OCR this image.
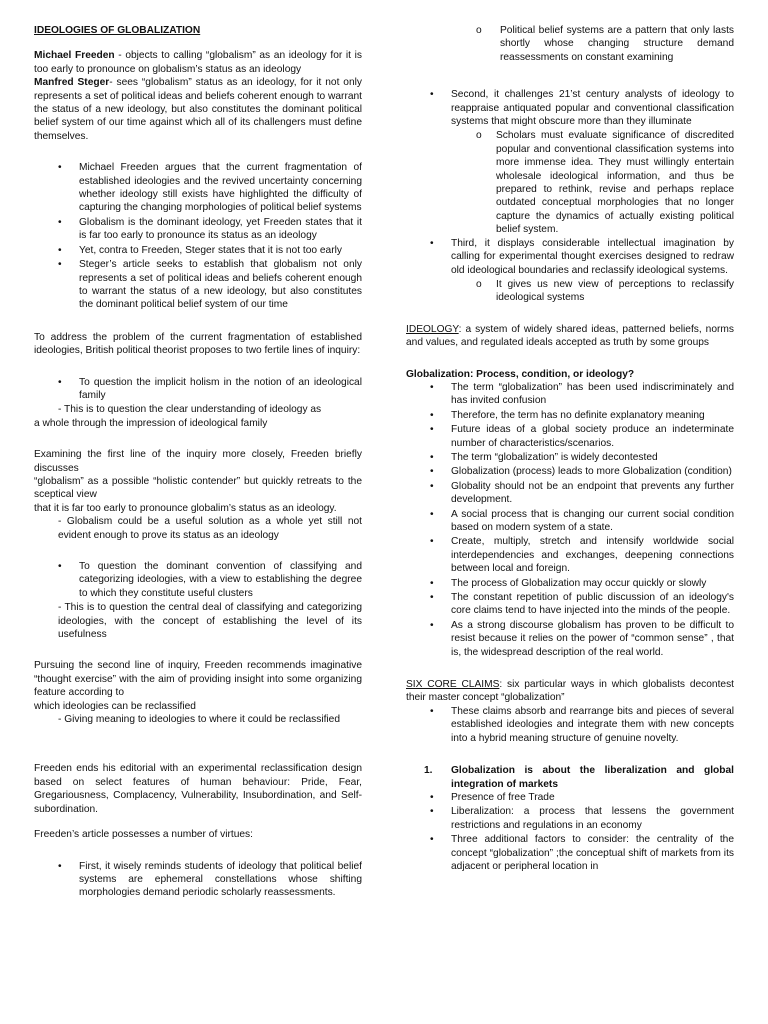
IDEOLOGIES OF GLOBALIZATION

Michael Freeden - objects to calling “globalism” as an ideology for it is too early to pronounce on globalism’s status as an ideology

Manfred Steger- sees “globalism” status as an ideology, for it not only represents a set of political ideas and beliefs coherent enough to warrant the status of a new ideology, but also constitutes the dominant political belief system of our time against which all of its challengers must define themselves.

• Michael Freeden argues that the current fragmentation of established ideologies and the revived uncertainty concerning whether ideology still exists have highlighted the difficulty of capturing the changing morphologies of political belief systems

• Globalism is the dominant ideology, yet Freeden states that it is far too early to pronounce its status as an ideology

• Yet, contra to Freeden, Steger states that it is not too early

• Steger’s article seeks to establish that globalism not only represents a set of political ideas and beliefs coherent enough to warrant the status of a new ideology, but also constitutes the dominant political belief system of our time

To address the problem of the current fragmentation of established ideologies, British political theorist proposes to two fertile lines of inquiry:

• To question the implicit holism in the notion of an ideological family

- This is to question the clear understanding of ideology as

a whole through the impression of ideological family

Examining the first line of the inquiry more closely, Freeden briefly discusses

“globalism” as a possible “holistic contender” but quickly retreats to the sceptical view

that it is far too early to pronounce globalim’s status as an ideology.

- Globalism could be a useful solution as a whole yet still not evident enough to prove its status as an ideology

• To question the dominant convention of classifying and categorizing ideologies, with a view to establishing the degree to which they constitute useful clusters

- This is to question the central deal of classifying and categorizing ideologies, with the concept of establishing the level of its usefulness

Pursuing the second line of inquiry, Freeden recommends imaginative “thought exercise” with the aim of providing insight into some organizing feature according to

which ideologies can be reclassified

- Giving meaning to ideologies to where it could be reclassified

Freeden ends his editorial with an experimental reclassification design based on select features of human behaviour: Pride, Fear, Gregariousness, Complacency, Vulnerability, Insubordination, and Self-subordination.

Freeden’s article possesses a number of virtues:

• First, it wisely reminds students of ideology that political belief systems are ephemeral constellations whose shifting morphologies demand periodic scholarly reassessments.

o Political belief systems are a pattern that only lasts shortly whose changing structure demand reassessments on constant examining

• Second, it challenges 21’st century analysts of ideology to reappraise antiquated popular and conventional classification systems that might obscure more than they illuminate

o Scholars must evaluate significance of discredited popular and conventional classification systems into more immense idea. They must willingly entertain wholesale ideological information, and thus be prepared to rethink, revise and perhaps replace outdated conceptual morphologies that no longer capture the dynamics of actually existing political belief system.

• Third, it displays considerable intellectual imagination by calling for experimental thought exercises designed to redraw old ideological boundaries and reclassify ideological systems.

o It gives us new view of perceptions to reclassify ideological systems

IDEOLOGY: a system of widely shared ideas, patterned beliefs, norms and values, and regulated ideals accepted as truth by some groups

Globalization: Process, condition, or ideology?

• The term “globalization” has been used indiscriminately and has invited confusion

• Therefore, the term has no definite explanatory meaning

• Future ideas of a global society produce an indeterminate number of characteristics/scenarios.

• The term “globalization” is widely decontested

• Globalization (process) leads to more Globalization (condition)

• Globality should not be an endpoint that prevents any further development.

• A social process that is changing our current social condition based on modern system of a state.

• Create, multiply, stretch and intensify worldwide social interdependencies and exchanges, deepening connections between local and foreign.

• The process of Globalization may occur quickly or slowly

• The constant repetition of public discussion of an ideology's core claims tend to have injected into the minds of the people.

• As a strong discourse globalism has proven to be difficult to resist because it relies on the power of “common sense” , that is, the widespread description of the real world.

SIX CORE CLAIMS: six particular ways in which globalists decontest their master concept “globalization”

• These claims absorb and rearrange bits and pieces of several established ideologies and integrate them with new concepts into a hybrid meaning structure of genuine novelty.

1. Globalization is about the liberalization and global integration of markets

• Presence of free Trade

• Liberalization: a process that lessens the government restrictions and regulations in an economy

• Three additional factors to consider: the centrality of the concept “globalization” ;the conceptual shift of markets from its adjacent or peripheral location in
